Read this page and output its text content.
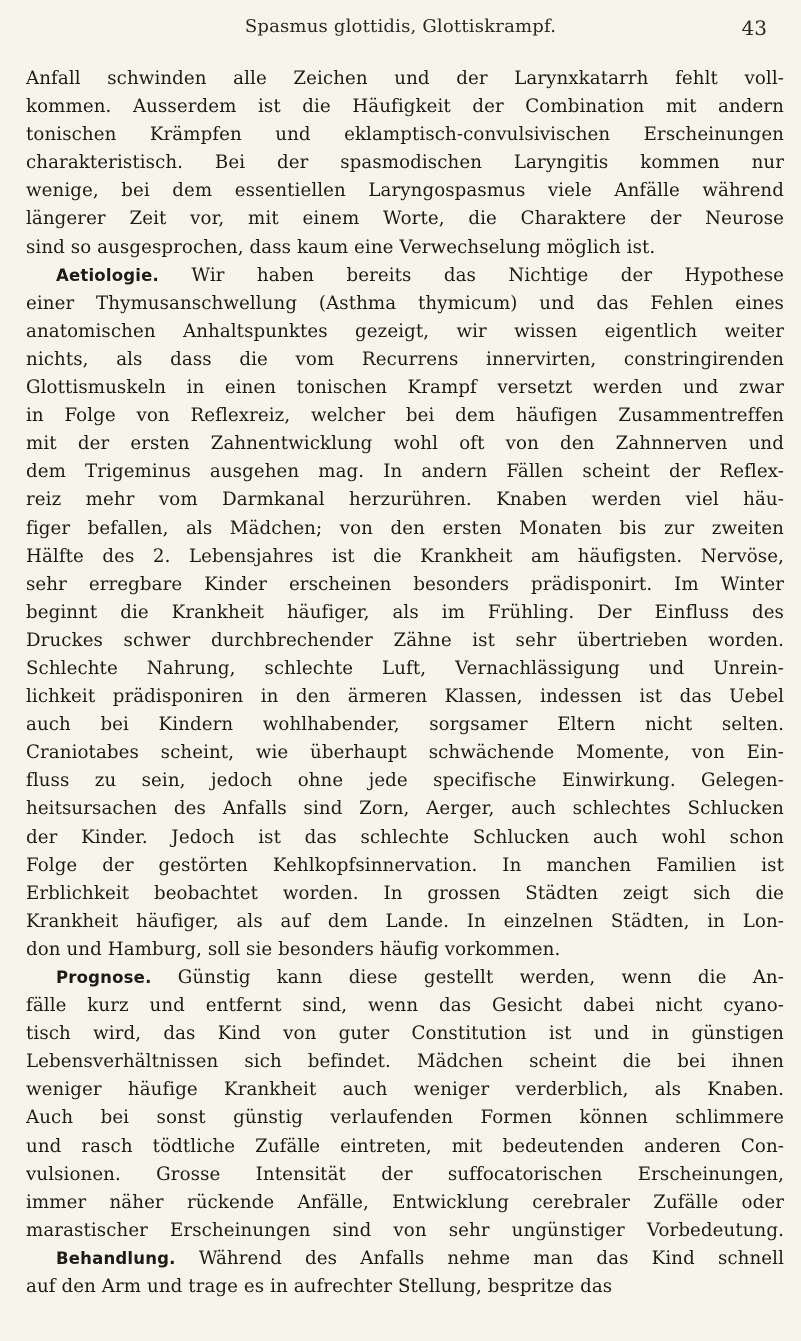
Spasmus glottidis, Glottiskrampf.	43
Anfall schwinden alle Zeichen und der Larynxkatarrh fehlt voll-
kommen. Ausserdem ist die Häufigkeit der Combination mit andern
tonischen Krämpfen und eklamptisch-convulsivischen Erscheinungen
charakteristisch. Bei der spasmodischen Laryngitis kommen nur
wenige, bei dem essentiellen Laryngospasmus viele Anfälle während
längerer Zeit vor, mit einem Worte, die Charaktere der Neurose
sind so ausgesprochen, dass kaum eine Verwechselung möglich ist.
Aetiologie. Wir haben bereits das Nichtige der Hypothese
einer Thymusanschwellung (Asthma thymicum) und das Fehlen eines
anatomischen Anhaltspunktes gezeigt, wir wissen eigentlich weiter
nichts, als dass die vom Recurrens innervirten, constringirenden
Glottismuskeln in einen tonischen Krampf versetzt werden und zwar
in Folge von Reflexreiz, welcher bei dem häufigen Zusammentreffen
mit der ersten Zahnentwicklung wohl oft von den Zahnnerven und
dem Trigeminus ausgehen mag. In andern Fällen scheint der Reflex-
reiz mehr vom Darmkanal herzurühren. Knaben werden viel häu-
figer befallen, als Mädchen; von den ersten Monaten bis zur zweiten
Hälfte des 2. Lebensjahres ist die Krankheit am häufigsten. Nervöse,
sehr erregbare Kinder erscheinen besonders prädisponirt. Im Winter
beginnt die Krankheit häufiger, als im Frühling. Der Einfluss des
Druckes schwer durchbrechender Zähne ist sehr übertrieben worden.
Schlechte Nahrung, schlechte Luft, Vernachlässigung und Unrein-
lichkeit prädisponiren in den ärmeren Klassen, indessen ist das Uebel
auch bei Kindern wohlhabender, sorgsamer Eltern nicht selten.
Craniotabes scheint, wie überhaupt schwächende Momente, von Ein-
fluss zu sein, jedoch ohne jede specifische Einwirkung. Gelegen-
heitsursachen des Anfalls sind Zorn, Aerger, auch schlechtes Schlucken
der Kinder. Jedoch ist das schlechte Schlucken auch wohl schon
Folge der gestörten Kehlkopfsinnervation. In manchen Familien ist
Erblichkeit beobachtet worden. In grossen Städten zeigt sich die
Krankheit häufiger, als auf dem Lande. In einzelnen Städten, in Lon-
don und Hamburg, soll sie besonders häufig vorkommen.
Prognose. Günstig kann diese gestellt werden, wenn die An-
fälle kurz und entfernt sind, wenn das Gesicht dabei nicht cyano-
tisch wird, das Kind von guter Constitution ist und in günstigen
Lebensverhältnissen sich befindet. Mädchen scheint die bei ihnen
weniger häufige Krankheit auch weniger verderblich, als Knaben.
Auch bei sonst günstig verlaufenden Formen können schlimmere
und rasch tödtliche Zufälle eintreten, mit bedeutenden anderen Con-
vulsionen. Grosse Intensität der suffocatorischen Erscheinungen,
immer näher rückende Anfälle, Entwicklung cerebraler Zufälle oder
marastischer Erscheinungen sind von sehr ungünstiger Vorbedeutung.
Behandlung. Während des Anfalls nehme man das Kind schnell
auf den Arm und trage es in aufrechter Stellung, bespritze das
